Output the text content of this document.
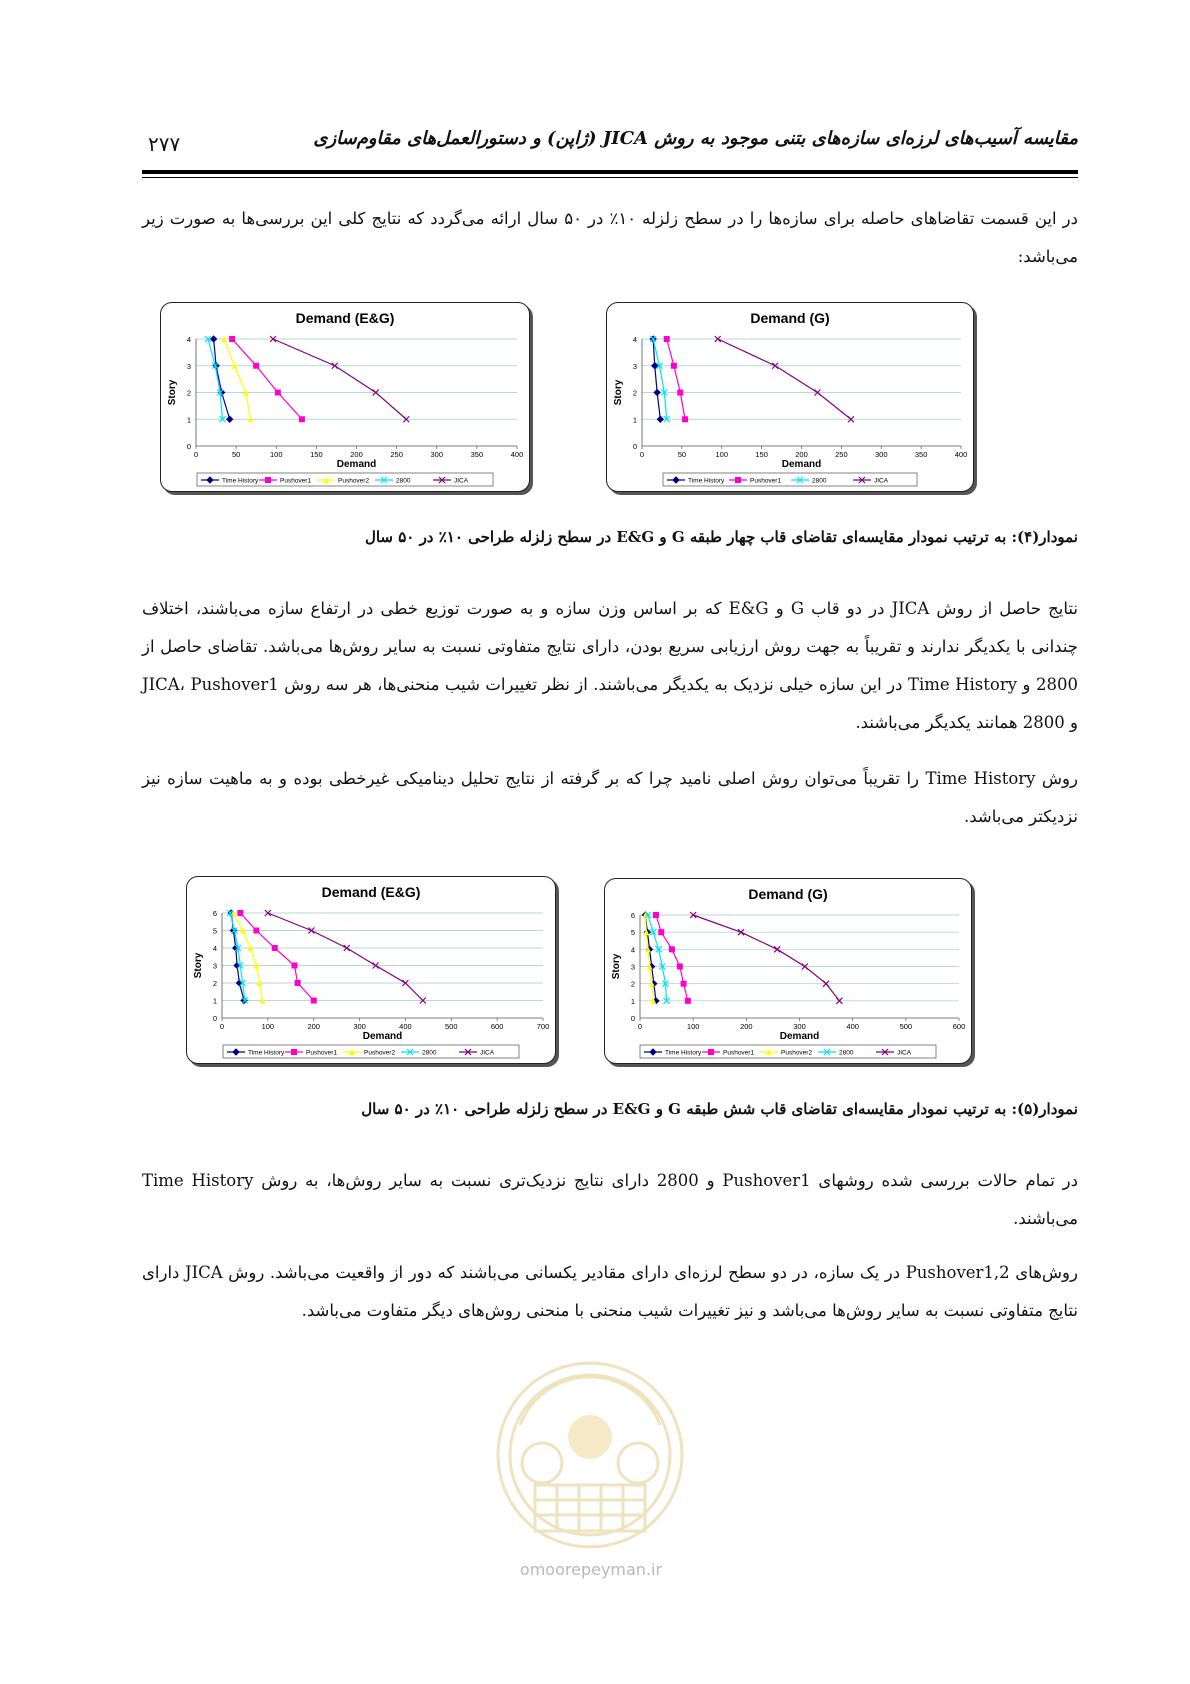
۲۷۷	مقایسه آسیب‌های لرزه‌ای سازه‌های بتنی موجود به روش JICA (ژاپن) و دستورالعمل‌های مقاوم‌سازی
در این قسمت تقاضاهای حاصله برای سازه‌ها را در سطح زلزله ۱۰٪ در ۵۰ سال ارائه می‌گردد که نتایج کلی این بررسی‌ها به صورت زیر می‌باشد:
Demand (E&G)
0
1
2
3
4
0	50	100	150	200	250	300	350	400
Demand
Story
Time History	Pushover1	Pushover2	2800	JICA
Demand (G)
0
1
2
3
4
0	50	100	150	200	250	300	350	400
Demand
Story
Time History	Pushover1	2800	JICA
نمودار(۴): به ترتیب نمودار مقایسه‌ای تقاضای قاب چهار طبقه G و E&G در سطح زلزله طراحی ۱۰٪ در ۵۰ سال
نتایج حاصل از روش JICA در دو قاب G و E&G که بر اساس وزن سازه و به صورت توزیع خطی در ارتفاع سازه می‌باشند، اختلاف چندانی با یکدیگر ندارند و تقریباً به جهت روش ارزیابی سریع بودن، دارای نتایج متفاوتی نسبت به سایر روش‌ها می‌باشد. تقاضای حاصل از 2800 و Time History در این سازه خیلی نزدیک به یکدیگر می‌باشند. از نظر تغییرات شیب منحنی‌ها، هر سه روش JICA، Pushover1 و 2800 همانند یکدیگر می‌باشند.
روش Time History را تقریباً می‌توان روش اصلی نامید چرا که بر گرفته از نتایج تحلیل دینامیکی غیرخطی بوده و به ماهیت سازه نیز نزدیکتر می‌باشد.
Demand (E&G)
0
1
2
3
4
5
6
0	100	200	300	400	500	600	700
Demand
Story
Time History	Pushover1	Pushover2	2800	JICA
Demand (G)
0
1
2
3
4
5
6
0	100	200	300	400	500	600
Demand
Story
Time History	Pushover1	Pushover2	2800	JICA
نمودار(۵): به ترتیب نمودار مقایسه‌ای تقاضای قاب شش طبقه G و E&G در سطح زلزله طراحی ۱۰٪ در ۵۰ سال
در تمام حالات بررسی شده روشهای Pushover1 و 2800 دارای نتایج نزدیک‌تری نسبت به سایر روش‌ها، به روش Time History می‌باشند.
روش‌های Pushover1,2 در یک سازه، در دو سطح لرزه‌ای دارای مقادیر یکسانی می‌باشند که دور از واقعیت می‌باشد. روش JICA دارای نتایج متفاوتی نسبت به سایر روش‌ها می‌باشد و نیز تغییرات شیب منحنی با منحنی روش‌های دیگر متفاوت می‌باشد.
omoorepeyman.ir
